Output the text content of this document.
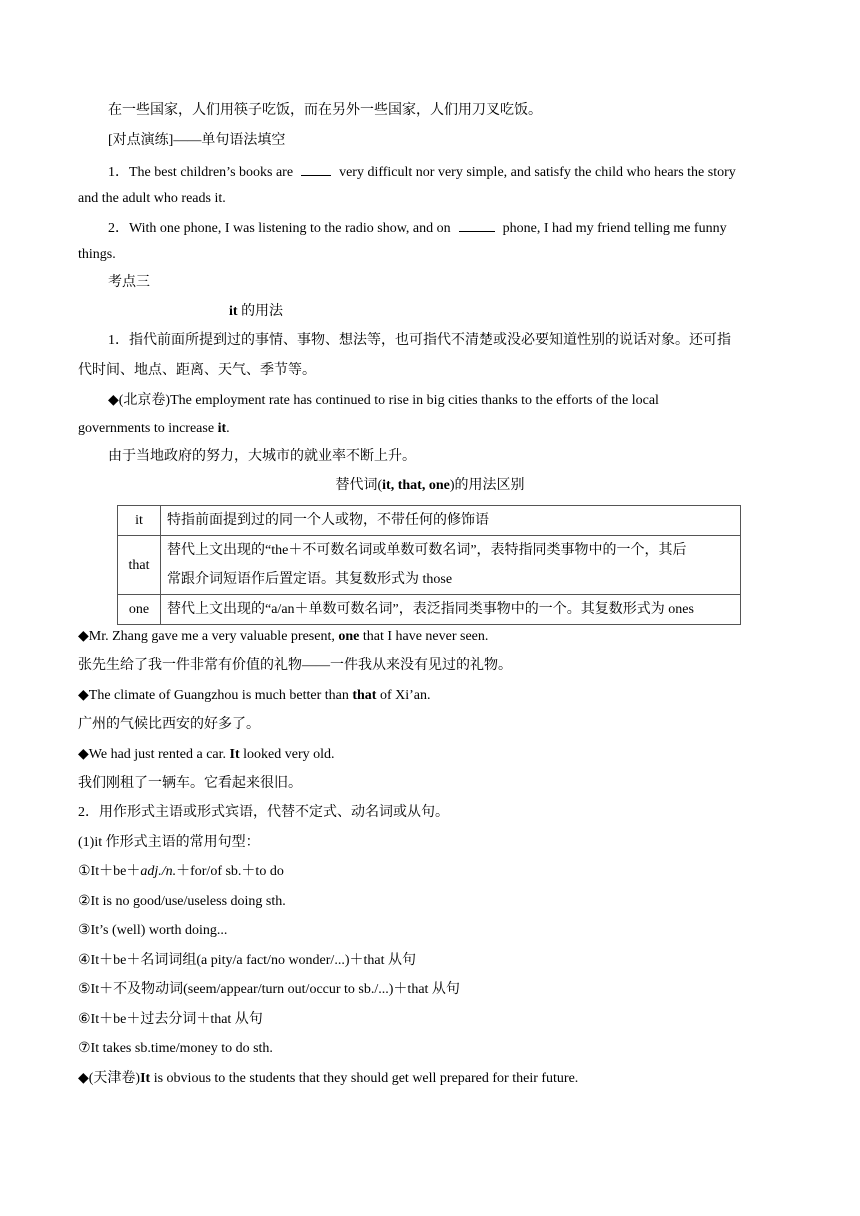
在一些国家，人们用筷子吃饭，而在另外一些国家，人们用刀叉吃饭。
[对点演练]——单句语法填空
1．The best children’s books are	very difficult nor very simple, and satisfy the child who hears the story
and the adult who reads it.
2．With one phone, I was listening to the radio show, and on	phone, I had my friend telling me funny
things.
考点三
it 的用法
1．指代前面所提到过的事情、事物、想法等，也可指代不清楚或没必要知道性别的说话对象。还可指
代时间、地点、距离、天气、季节等。
◆(北京卷)The employment rate has continued to rise in big cities thanks to the efforts of the local
governments to increase it.
由于当地政府的努力，大城市的就业率不断上升。
替代词(it, that, one)的用法区别
it	特指前面提到过的同一个人或物，不带任何的修饰语
that	替代上文出现的“the＋不可数名词或单数可数名词”，表特指同类事物中的一个，其后
常跟介词短语作后置定语。其复数形式为 those

one	替代上文出现的“a/an＋单数可数名词”，表泛指同类事物中的一个。其复数形式为 ones
◆Mr. Zhang gave me a very valuable present, one that I have never seen.
张先生给了我一件非常有价值的礼物——一件我从来没有见过的礼物。
◆The climate of Guangzhou is much better than that of Xi’an.
广州的气候比西安的好多了。
◆We had just rented a car. It looked very old.
我们刚租了一辆车。它看起来很旧。
2．用作形式主语或形式宾语，代替不定式、动名词或从句。
(1)it 作形式主语的常用句型：
①It＋be＋adj./n.＋for/of sb.＋to do
②It is no good/use/useless doing sth.
③It’s (well) worth doing...
④It＋be＋名词词组(a pity/a fact/no wonder/...)＋that 从句
⑤It＋不及物动词(seem/appear/turn out/occur to sb./...)＋that 从句
⑥It＋be＋过去分词＋that 从句
⑦It takes sb.time/money to do sth.
◆(天津卷)It is obvious to the students that they should get well prepared for their future.
